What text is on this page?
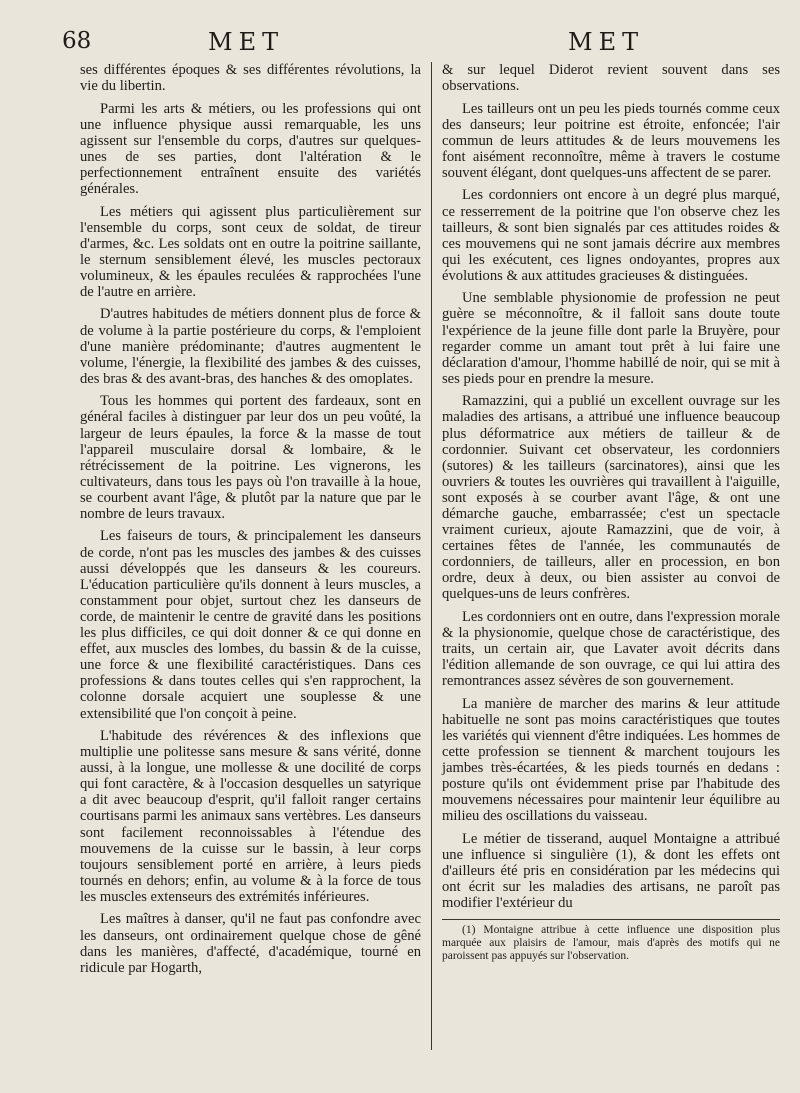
68	MET	MET

ses différentes époques & ses différentes révolutions, la vie du libertin.

Parmi les arts & métiers, ou les professions qui ont une influence physique aussi remarquable, les uns agissent sur l'ensemble du corps, d'autres sur quelques-unes de ses parties, dont l'altération & le perfectionnement entraînent ensuite des variétés générales.

Les métiers qui agissent plus particulièrement sur l'ensemble du corps, sont ceux de soldat, de tireur d'armes, &c. Les soldats ont en outre la poitrine saillante, le sternum sensiblement élevé, les muscles pectoraux volumineux, & les épaules reculées & rapprochées l'une de l'autre en arrière.

D'autres habitudes de métiers donnent plus de force & de volume à la partie postérieure du corps, & l'emploient d'une manière prédominante; d'autres augmentent le volume, l'énergie, la flexibilité des jambes & des cuisses, des bras & des avant-bras, des hanches & des omoplates.

Tous les hommes qui portent des fardeaux, sont en général faciles à distinguer par leur dos un peu voûté, la largeur de leurs épaules, la force & la masse de tout l'appareil musculaire dorsal & lombaire, & le rétrécissement de la poitrine. Les vignerons, les cultivateurs, dans tous les pays où l'on travaille à la houe, se courbent avant l'âge, & plutôt par la nature que par le nombre de leurs travaux.

Les faiseurs de tours, & principalement les danseurs de corde, n'ont pas les muscles des jambes & des cuisses aussi développés que les danseurs & les coureurs. L'éducation particulière qu'ils donnent à leurs muscles, a constamment pour objet, surtout chez les danseurs de corde, de maintenir le centre de gravité dans les positions les plus difficiles, ce qui doit donner & ce qui donne en effet, aux muscles des lombes, du bassin & de la cuisse, une force & une flexibilité caractéristiques. Dans ces professions & dans toutes celles qui s'en rapprochent, la colonne dorsale acquiert une souplesse & une extensibilité que l'on conçoit à peine.

L'habitude des révérences & des inflexions que multiplie une politesse sans mesure & sans vérité, donne aussi, à la longue, une mollesse & une docilité de corps qui font caractère, & à l'occasion desquelles un satyrique a dit avec beaucoup d'esprit, qu'il falloit ranger certains courtisans parmi les animaux sans vertèbres. Les danseurs sont facilement reconnoissables à l'étendue des mouvemens de la cuisse sur le bassin, à leur corps toujours sensiblement porté en arrière, à leurs pieds tournés en dehors; enfin, au volume & à la force de tous les muscles extenseurs des extrémités inférieures.

Les maîtres à danser, qu'il ne faut pas confondre avec les danseurs, ont ordinairement quelque chose de gêné dans les manières, d'affecté, d'académique, tourné en ridicule par Hogarth,

& sur lequel Diderot revient souvent dans ses observations.

Les tailleurs ont un peu les pieds tournés comme ceux des danseurs; leur poitrine est étroite, enfoncée; l'air commun de leurs attitudes & de leurs mouvemens les font aisément reconnoître, même à travers le costume souvent élégant, dont quelques-uns affectent de se parer.

Les cordonniers ont encore à un degré plus marqué, ce resserrement de la poitrine que l'on observe chez les tailleurs, & sont bien signalés par ces attitudes roides & ces mouvemens qui ne sont jamais décrire aux membres qui les exécutent, ces lignes ondoyantes, propres aux évolutions & aux attitudes gracieuses & distinguées.

Une semblable physionomie de profession ne peut guère se méconnoître, & il falloit sans doute toute l'expérience de la jeune fille dont parle la Bruyère, pour regarder comme un amant tout prêt à lui faire une déclaration d'amour, l'homme habillé de noir, qui se mit à ses pieds pour en prendre la mesure.

Ramazzini, qui a publié un excellent ouvrage sur les maladies des artisans, a attribué une influence beaucoup plus déformatrice aux métiers de tailleur & de cordonnier. Suivant cet observateur, les cordonniers (sutores) & les tailleurs (sarcinatores), ainsi que les ouvriers & toutes les ouvrières qui travaillent à l'aiguille, sont exposés à se courber avant l'âge, & ont une démarche gauche, embarrassée; c'est un spectacle vraiment curieux, ajoute Ramazzini, que de voir, à certaines fêtes de l'année, les communautés de cordonniers, de tailleurs, aller en procession, en bon ordre, deux à deux, ou bien assister au convoi de quelques-uns de leurs confrères.

Les cordonniers ont en outre, dans l'expression morale & la physionomie, quelque chose de caractéristique, des traits, un certain air, que Lavater avoit décrits dans l'édition allemande de son ouvrage, ce qui lui attira des remontrances assez sévères de son gouvernement.

La manière de marcher des marins & leur attitude habituelle ne sont pas moins caractéristiques que toutes les variétés qui viennent d'être indiquées. Les hommes de cette profession se tiennent & marchent toujours les jambes très-écartées, & les pieds tournés en dedans : posture qu'ils ont évidemment prise par l'habitude des mouvemens nécessaires pour maintenir leur équilibre au milieu des oscillations du vaisseau.

Le métier de tisserand, auquel Montaigne a attribué une influence si singulière (1), & dont les effets ont d'ailleurs été pris en considération par les médecins qui ont écrit sur les maladies des artisans, ne paroît pas modifier l'extérieur du

(1) Montaigne attribue à cette influence une disposition plus marquée aux plaisirs de l'amour, mais d'après des motifs qui ne paroissent pas appuyés sur l'observation.
